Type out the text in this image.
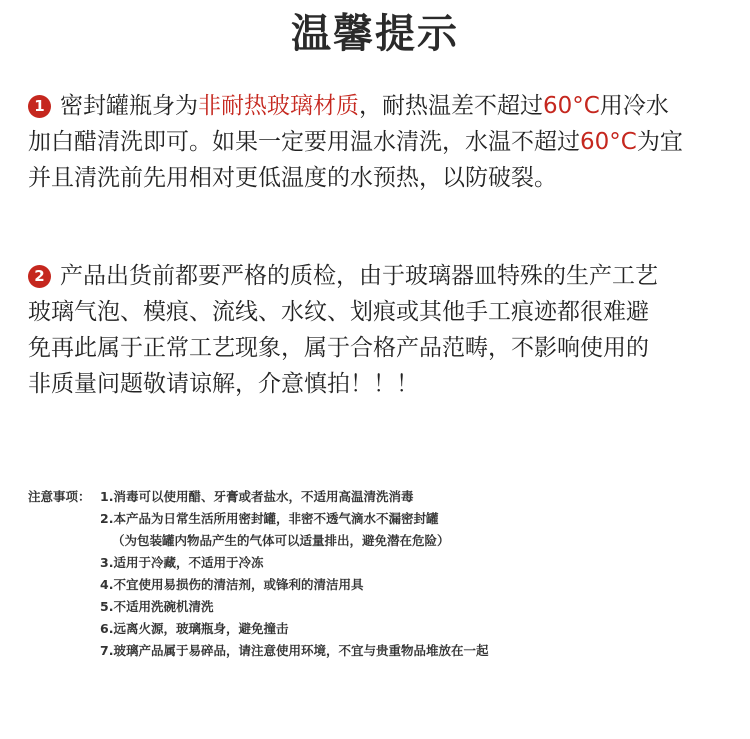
温馨提示
1 密封罐瓶身为非耐热玻璃材质，耐热温差不超过60°C用冷水
加白醋清洗即可。如果一定要用温水清洗，水温不超过60°C为宜
并且清洗前先用相对更低温度的水预热，以防破裂。
2 产品出货前都要严格的质检，由于玻璃器皿特殊的生产工艺
玻璃气泡、模痕、流线、水纹、划痕或其他手工痕迹都很难避
免再此属于正常工艺现象，属于合格产品范畴，不影响使用的
非质量问题敬请谅解，介意慎拍！！！
注意事项： 1.消毒可以使用醋、牙膏或者盐水，不适用高温清洗消毒
2.本产品为日常生活所用密封罐，非密不透气滴水不漏密封罐
（为包装罐内物品产生的气体可以适量排出，避免潜在危险）
3.适用于冷藏，不适用于冷冻
4.不宜使用易损伤的清洁剂，或锋利的清洁用具
5.不适用洗碗机清洗
6.远离火源，玻璃瓶身，避免撞击
7.玻璃产品属于易碎品，请注意使用环境，不宜与贵重物品堆放在一起
